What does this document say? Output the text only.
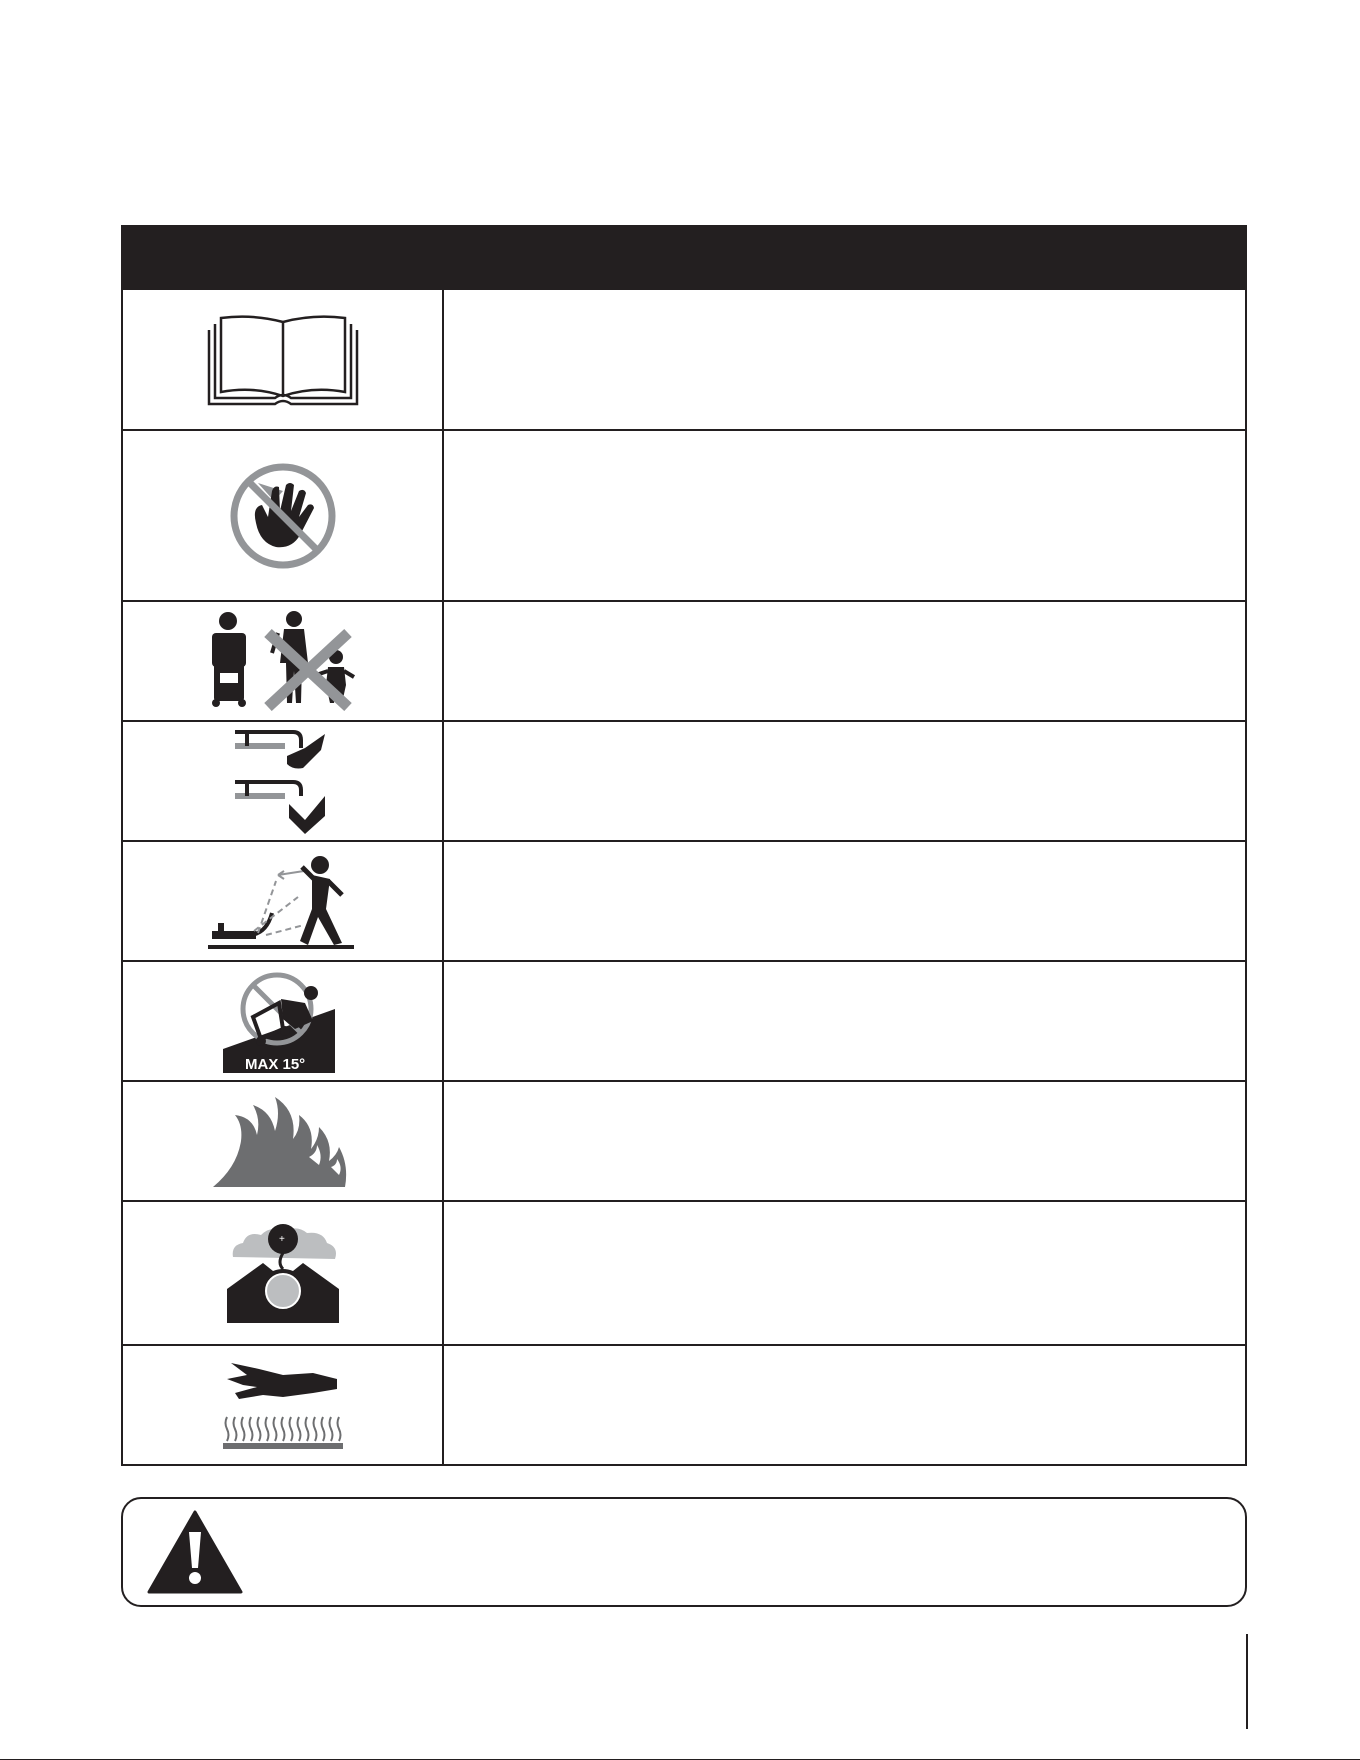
MAX 15°
+
